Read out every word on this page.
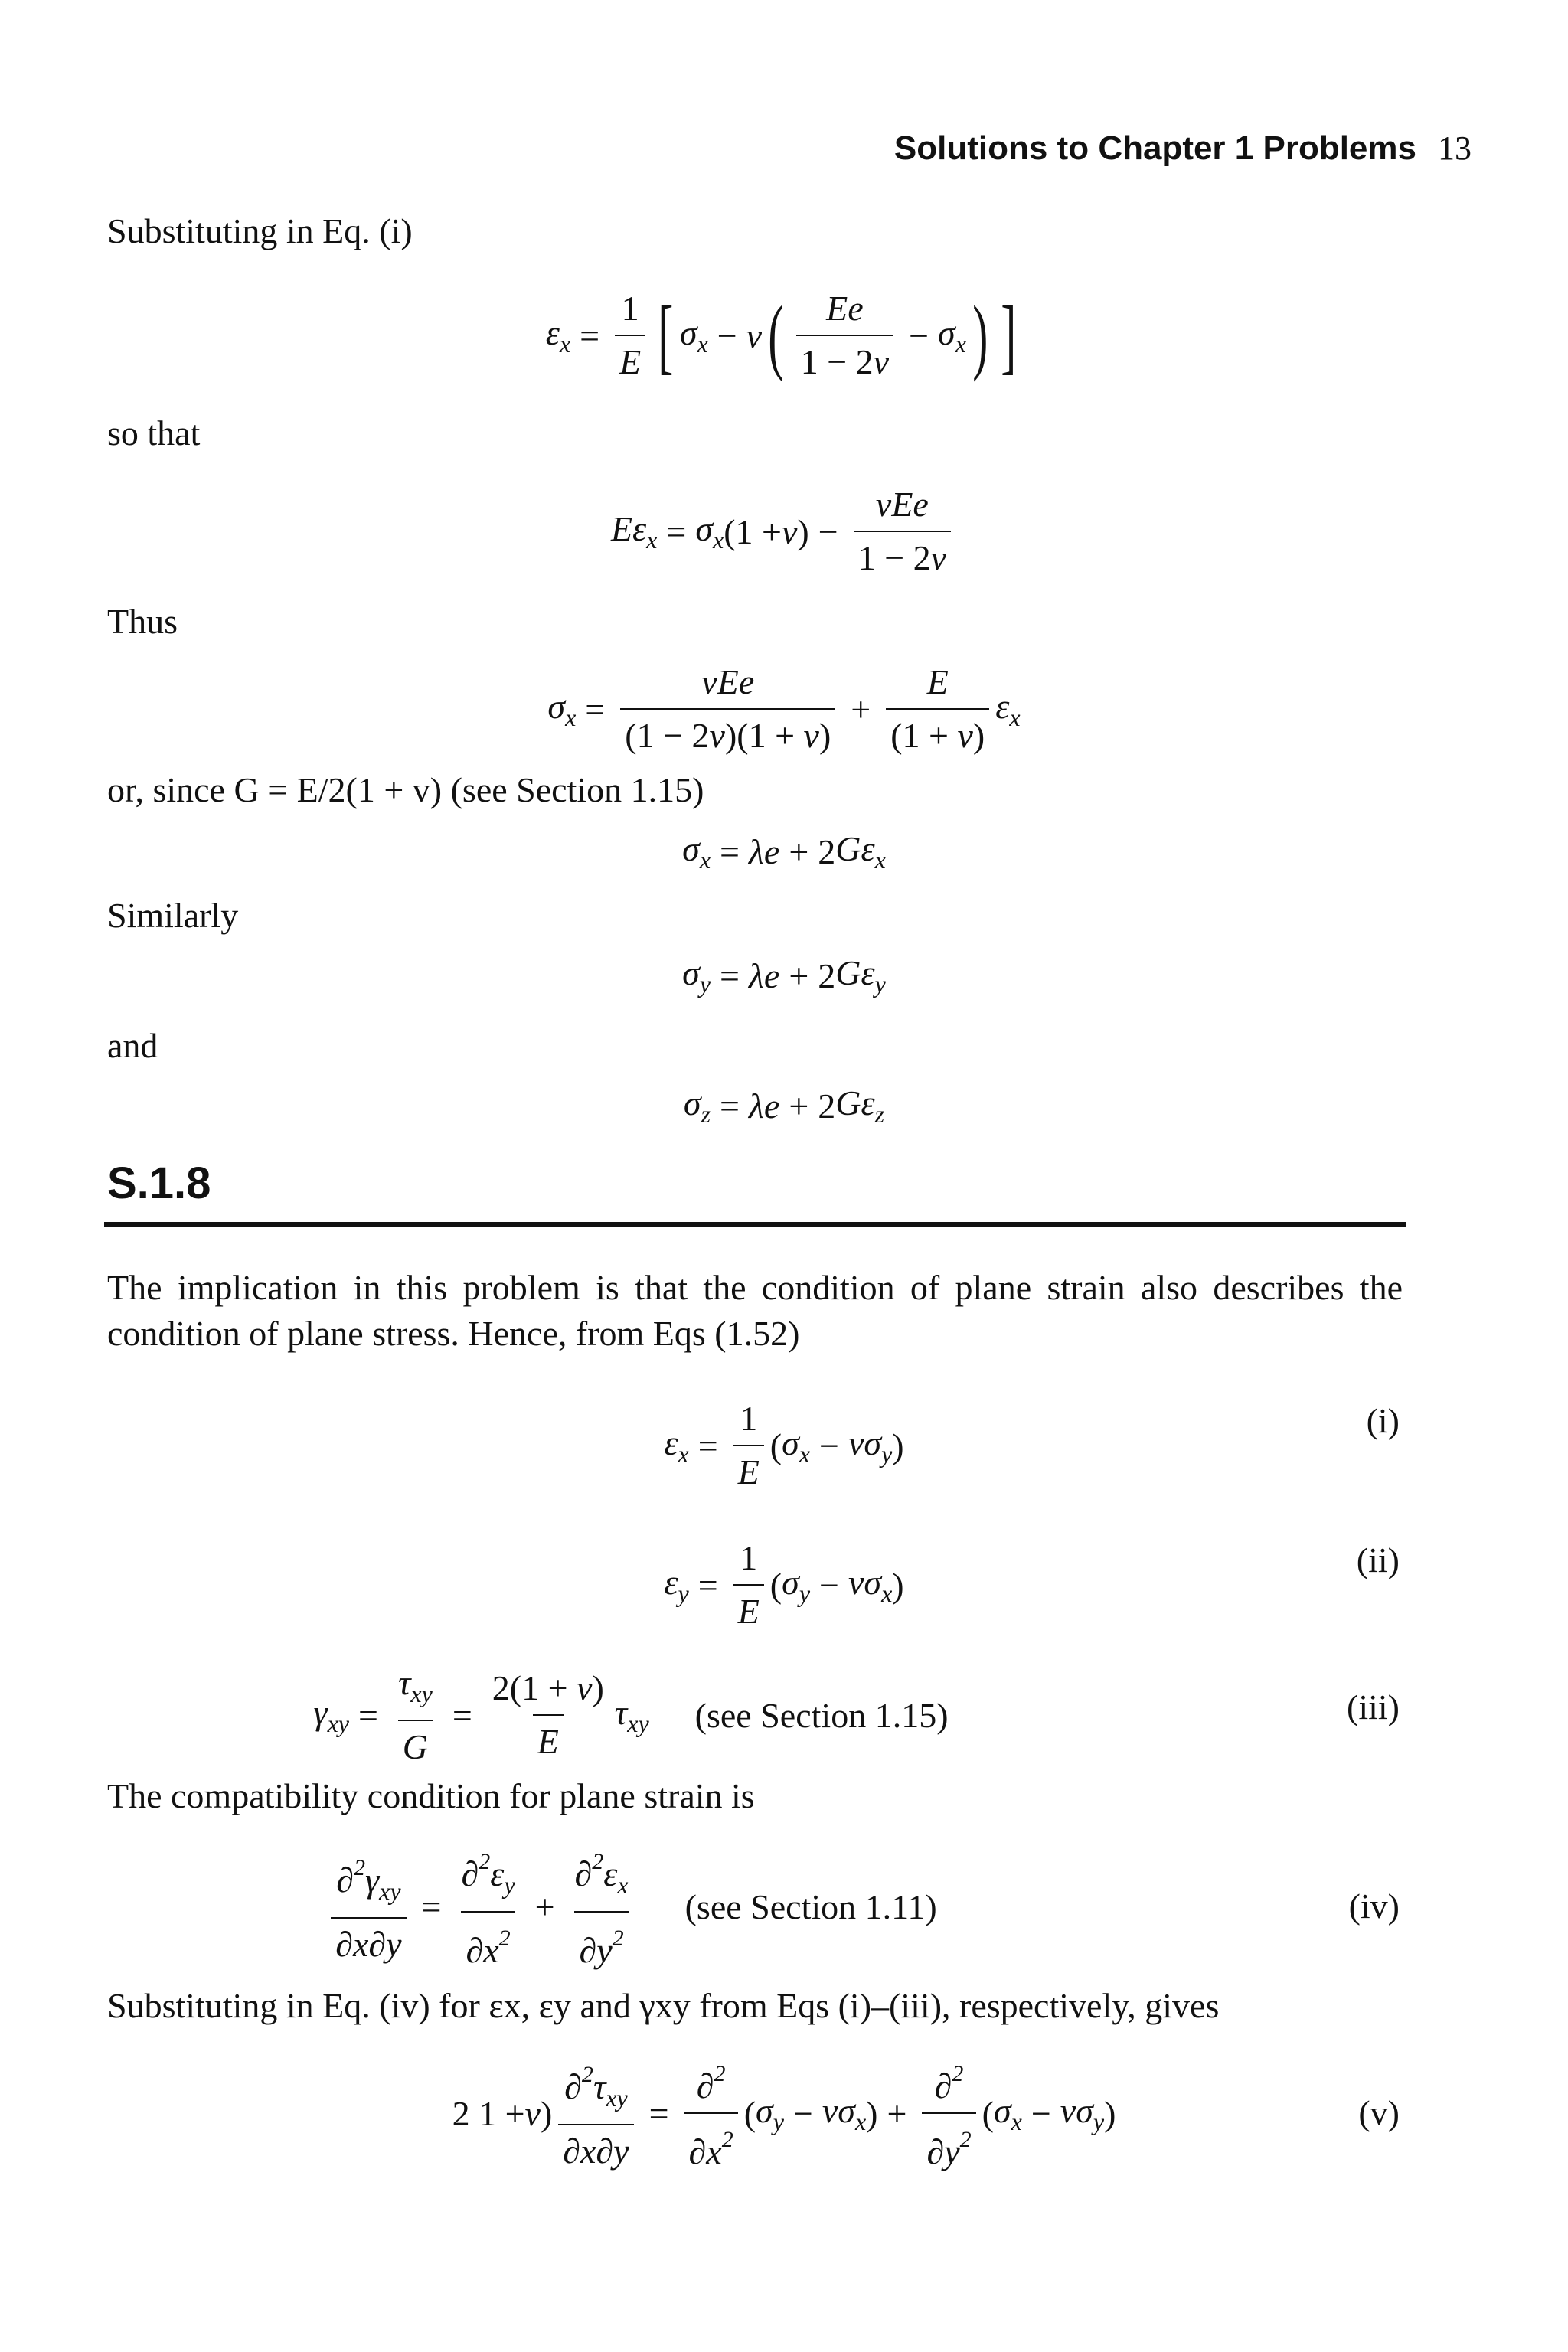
Solutions to Chapter 1 Problems 13
Substituting in Eq. (i)
$\varepsilon_x = \frac{1}{E}$ [ $\sigma_x - v$ ( $\frac{Ee}{1 - 2v} - \sigma_x$ ) ]
so that
$E\varepsilon_x = \sigma_x$ (1 + v ) − $\frac{\text{vEe}}{1 - 2v}$
Thus
$\sigma_x = \frac{\text{vEe}}{(1 - 2v)(1 + v)} + \frac{E}{(1 + v)} \varepsilon_x$
or, since G = E/2(1 + v) (see Section 1.15)
$\sigma_x = \lambda e + 2$ $G\varepsilon_x$
Similarly
$\sigma_y = \lambda e + 2$ $G\varepsilon_y$
and
$\sigma_z = \lambda e + 2$ $G\varepsilon_z$
S.1.8
The implication in this problem is that the condition of plane strain also describes the condition of plane stress. Hence, from Eqs (1.52)
$\varepsilon_x = \frac{1}{E}$ ( $\sigma_x - v\sigma_y$ )
(i)
$\varepsilon_y = \frac{1}{E}$ ( $\sigma_y - v\sigma_x$ )
(ii)
$\gamma_{xy} = \frac{\tau_{xy}}{G} = \frac{2(1 + v)}{E} \tau_{xy}$ (see Section 1.15)	(iii)
The compatibility condition for plane strain is
$\frac{\partial^2\gamma_{xy}}{\partial x\partial y} = \frac{\partial^2\varepsilon_y}{\partial x^2} + \frac{\partial^2\varepsilon_x}{\partial y^2} (see$ Section 1.11)	(iv)
Substituting in Eq. (iv) for εx, εy and γxy from Eqs (i)–(iii), respectively, gives
2 1 + v ) $\frac{\partial^2\tau_{xy}}{\partial x\partial y} = \frac{\partial^2}{\partial x^2}$ ( $\sigma_y - v\sigma_x$ ) + $\frac{\partial^2}{\partial y^2}$ ( $\sigma_x - v\sigma_y$ )	(v)
